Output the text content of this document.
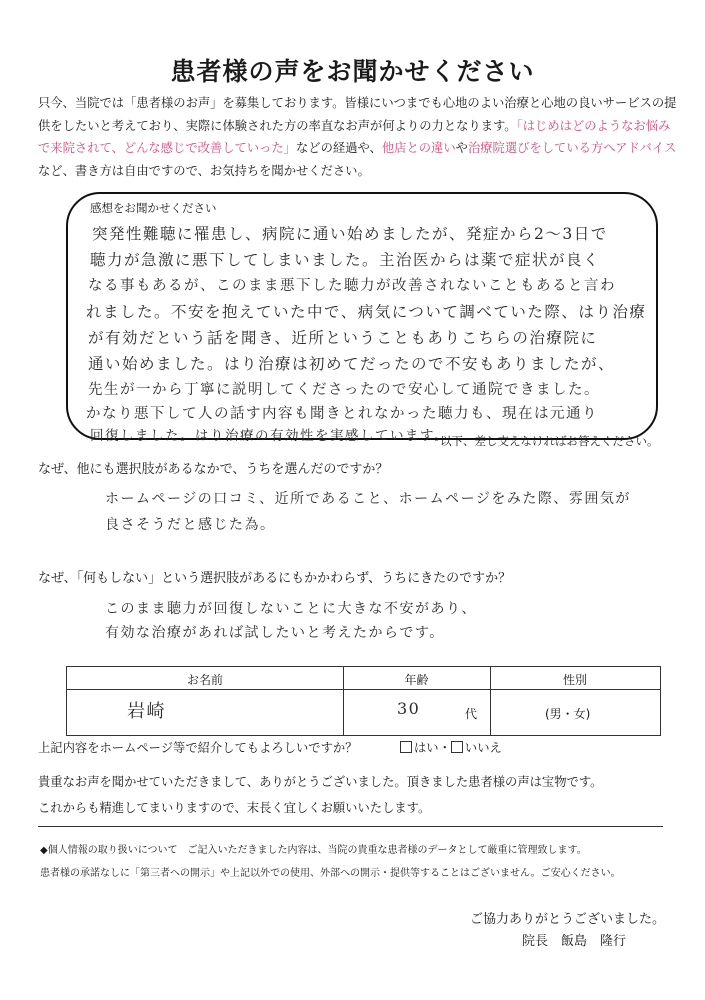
患者様の声をお聞かせください
只今、当院では「患者様のお声」を募集しております。皆様にいつまでも心地のよい治療と心地の良いサービスの提供をしたいと考えており、実際に体験された方の率直なお声が何よりの力となります。「はじめはどのようなお悩みで来院されて、どんな感じで改善していった」などの経過や、他店との違いや治療院選びをしている方へアドバイスなど、書き方は自由ですので、お気持ちを聞かせください。
感想をお聞かせください
突発性難聴に罹患し、病院に通い始めましたが、発症から2～3日で
聴力が急激に悪下してしまいました。主治医からは薬で症状が良く
なる事もあるが、このまま悪下した聴力が改善されないこともあると言わ
れました。不安を抱えていた中で、病気について調べていた際、はり治療
が有効だという話を聞き、近所ということもありこちらの治療院に
通い始めました。はり治療は初めてだったので不安もありましたが、
先生が一から丁寧に説明してくださったので安心して通院できました。
かなり悪下して人の話す内容も聞きとれなかった聴力も、現在は元通り
回復しました。はり治療の有効性を実感しています。
以下、差し支えなければお答えください。
なぜ、他にも選択肢があるなかで、うちを選んだのですか？
ホームページの口コミ、近所であること、ホームページをみた際、雰囲気が
良さそうだと感じた為。
なぜ、「何もしない」という選択肢があるにもかかわらず、うちにきたのですか？
このまま聴力が回復しないことに大きな不安があり、
有効な治療があれば試したいと考えたからです。
お名前	年齢	性別
岩崎	30	代	(男・女)
上記内容をホームページ等で紹介してもよろしいですか？	はい・ いいえ
貴重なお声を聞かせていただきまして、ありがとうございました。頂きました患者様の声は宝物です。
これからも精進してまいりますので、末長く宜しくお願いいたします。
◆個人情報の取り扱いについて　ご記入いただきました内容は、当院の貴重な患者様のデータとして厳重に管理致します。
患者様の承諾なしに「第三者への開示」や上記以外での使用、外部への開示・提供等することはございません。ご安心ください。
ご協力ありがとうございました。
院長　飯島　隆行
